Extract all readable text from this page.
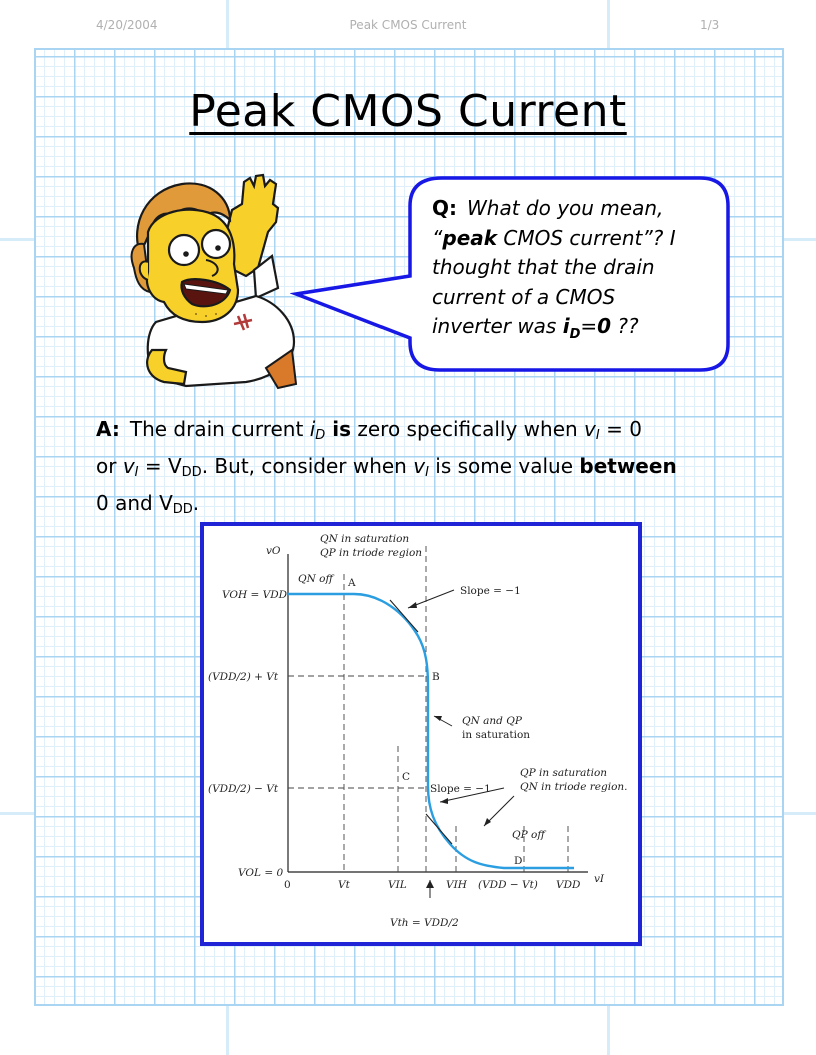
4/20/2004	Peak CMOS Current	1/3
Peak CMOS Current
Q: What do you mean,
“peak CMOS current”? I
thought that the drain
current of a CMOS
inverter was $i_D=0$ ??
A: The drain current $i_D$ is zero specifically when $v_I = 0$
or $v_I = V_{DD}$. But, consider when $v_I$ is some value between
0 and $V_{DD}$.
vO
vI
QN in saturation
QP in triode region
QN off A
Slope = −1
VOH = VDD
B
(VDD/2) + Vt
QN and QP
in saturation
(VDD/2) − Vt
C
Slope = −1
QP in saturation
QN in triode region.
QP off
D
VOL = 0
0	Vt	VIL	VIH (VDD − Vt) VDD
Vth = VDD/2
